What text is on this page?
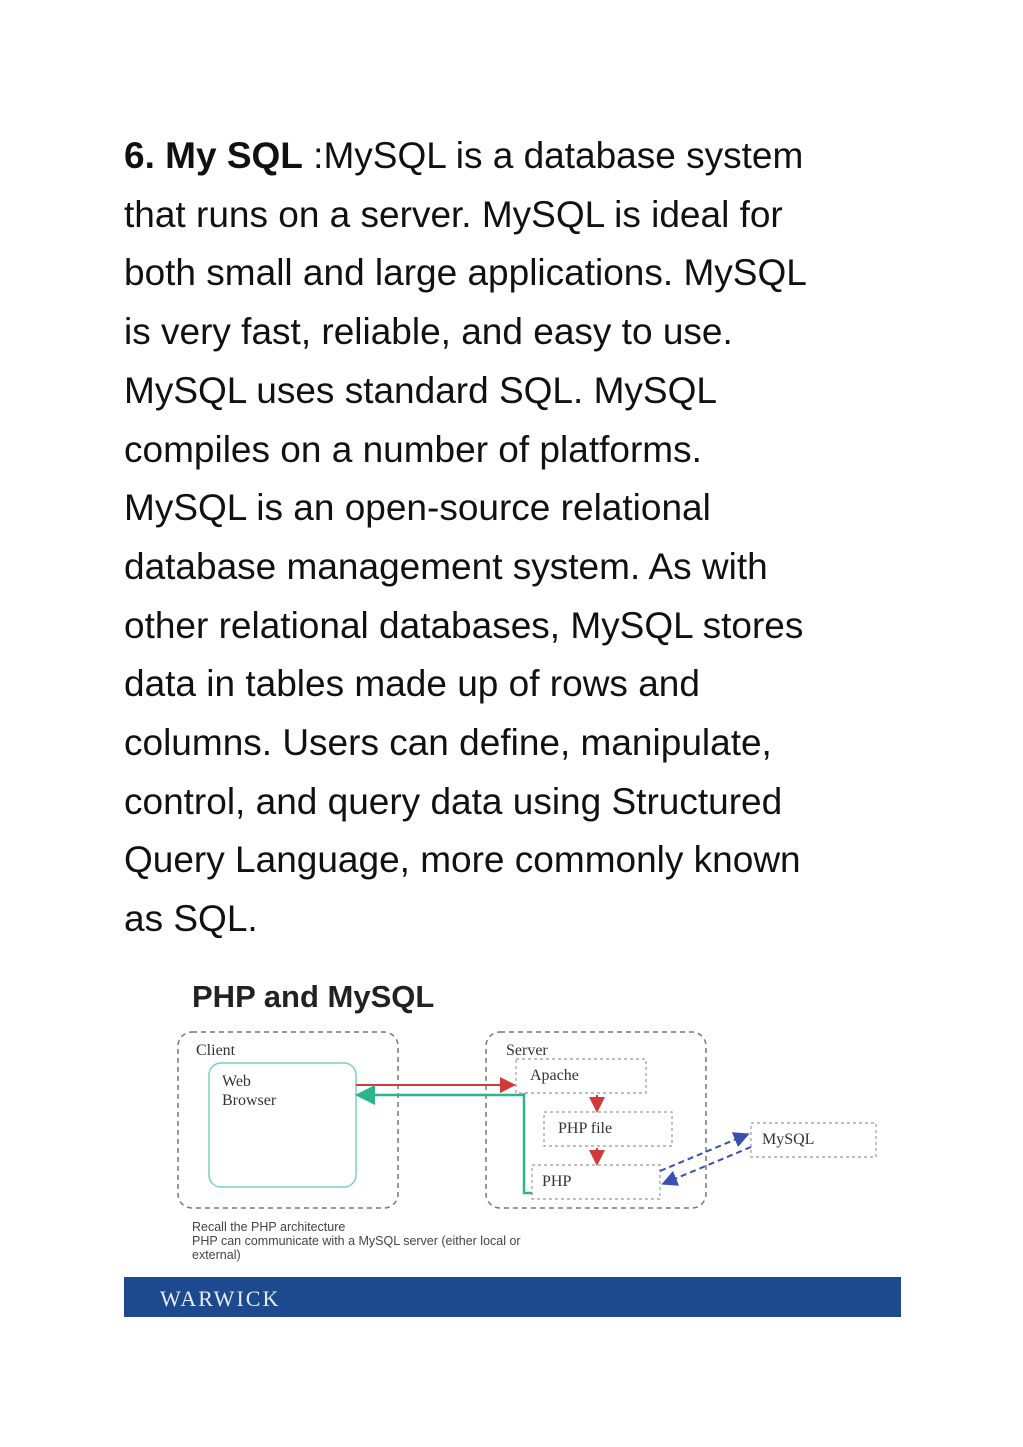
6. My SQL :MySQL is a database system
that runs on a server. MySQL is ideal for
both small and large applications. MySQL
is very fast, reliable, and easy to use.
MySQL uses standard SQL. MySQL
compiles on a number of platforms.
MySQL is an open-source relational
database management system. As with
other relational databases, MySQL stores
data in tables made up of rows and
columns. Users can define, manipulate,
control, and query data using Structured
Query Language, more commonly known
as SQL.

PHP and MySQL
Client
Web
Browser
Server
Apache
PHP file
PHP
MySQL
Recall the PHP architecture
PHP can communicate with a MySQL server (either local or
external)
WARWICK
